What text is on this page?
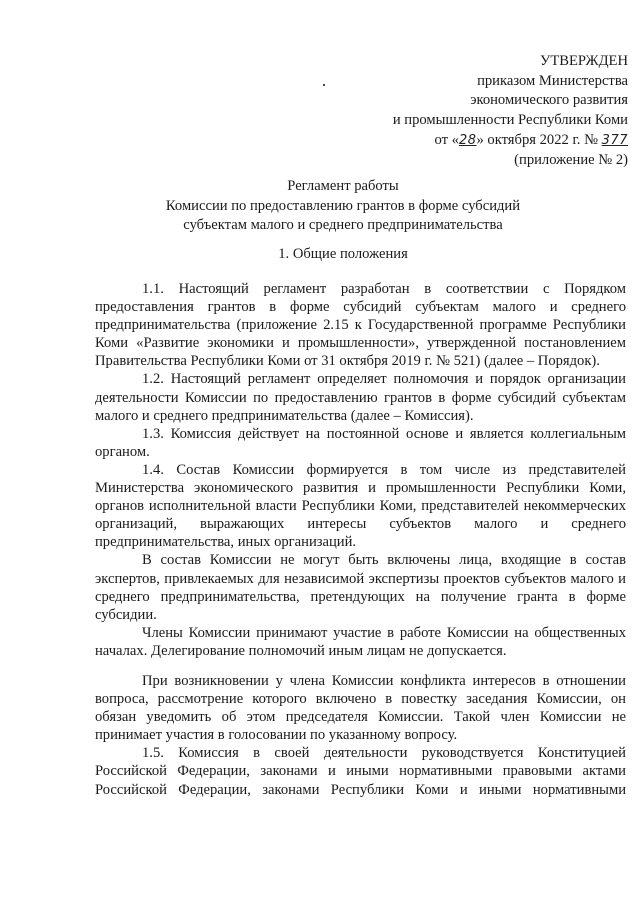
УТВЕРЖДЕН
приказом Министерства
экономического развития
и промышленности Республики Коми
от «28» октября 2022 г. № 377
(приложение № 2)
Регламент работы
Комиссии по предоставлению грантов в форме субсидий
субъектам малого и среднего предпринимательства
1. Общие положения

1.1. Настоящий регламент разработан в соответствии с Порядком предоставления грантов в форме субсидий субъектам малого и среднего предпринимательства (приложение 2.15 к Государственной программе Республики Коми «Развитие экономики и промышленности», утвержденной постановлением Правительства Республики Коми от 31 октября 2019 г. № 521) (далее – Порядок).

1.2. Настоящий регламент определяет полномочия и порядок организации деятельности Комиссии по предоставлению грантов в форме субсидий субъектам малого и среднего предпринимательства (далее – Комиссия).

1.3. Комиссия действует на постоянной основе и является коллегиальным органом.

1.4. Состав Комиссии формируется в том числе из представителей Министерства экономического развития и промышленности Республики Коми, органов исполнительной власти Республики Коми, представителей некоммерческих организаций, выражающих интересы субъектов малого и среднего предпринимательства, иных организаций.

В состав Комиссии не могут быть включены лица, входящие в состав экспертов, привлекаемых для независимой экспертизы проектов субъектов малого и среднего предпринимательства, претендующих на получение гранта в форме субсидии.

Члены Комиссии принимают участие в работе Комиссии на общественных началах. Делегирование полномочий иным лицам не допускается.

При возникновении у члена Комиссии конфликта интересов в отношении вопроса, рассмотрение которого включено в повестку заседания Комиссии, он обязан уведомить об этом председателя Комиссии. Такой член Комиссии не принимает участия в голосовании по указанному вопросу.

1.5. Комиссия в своей деятельности руководствуется Конституцией Российской Федерации, законами и иными нормативными правовыми актами Российской Федерации, законами Республики Коми и иными нормативными
